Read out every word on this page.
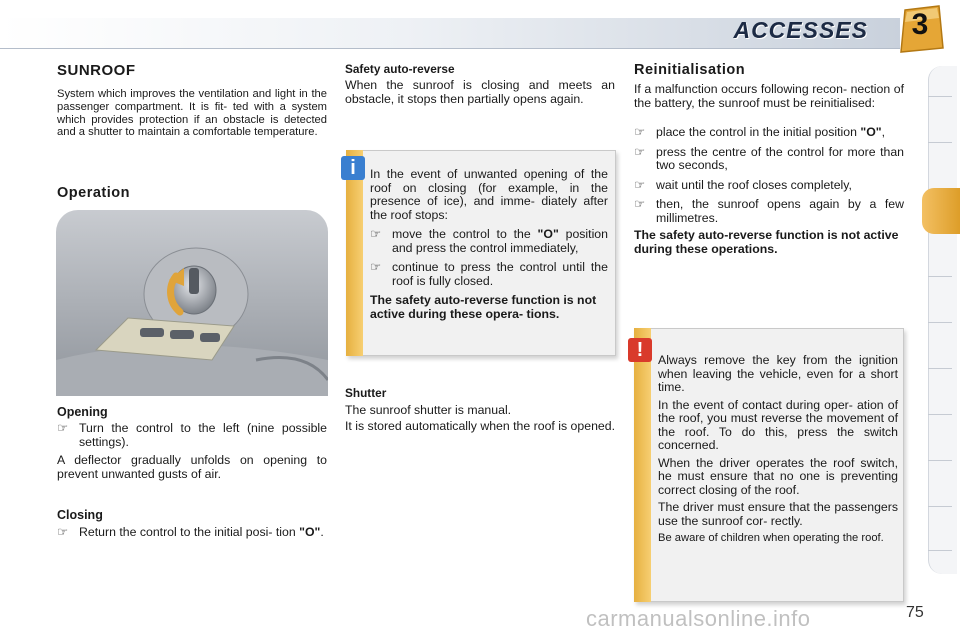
ACCESSES	3
SUNROOF
System which improves the ventilation and light in the passenger compartment. It is fit- ted with a system which provides protection if an obstacle is detected and a shutter to maintain a comfortable temperature.
Operation
Opening
☞ Turn the control to the left (nine possible settings).
A deflector gradually unfolds on opening to prevent unwanted gusts of air.
Closing
☞ Return the control to the initial posi- tion "O".
Safety auto-reverse
When the sunroof is closing and meets an obstacle, it stops then partially opens again.
i	In the event of unwanted opening of the roof on closing (for example, in the presence of ice), and imme- diately after the roof stops:
☞ move the control to the "O" position and press the control immediately,
☞ continue to press the control until the roof is fully closed.
The safety auto-reverse function is not active during these opera- tions.
Shutter
The sunroof shutter is manual.
It is stored automatically when the roof is opened.
Reinitialisation
If a malfunction occurs following recon- nection of the battery, the sunroof must be reinitialised:
☞ place the control in the initial position "O",
☞ press the centre of the control for more than two seconds,
☞ wait until the roof closes completely,
☞ then, the sunroof opens again by a few millimetres.
The safety auto-reverse function is not active during these operations.
!	Always remove the key from the ignition when leaving the vehicle, even for a short time.
In the event of contact during oper- ation of the roof, you must reverse the movement of the roof. To do this, press the switch concerned.
When the driver operates the roof switch, he must ensure that no one is preventing correct closing of the roof.
The driver must ensure that the passengers use the sunroof cor- rectly.
Be aware of children when operating the roof.
carmanualsonline.info	75
